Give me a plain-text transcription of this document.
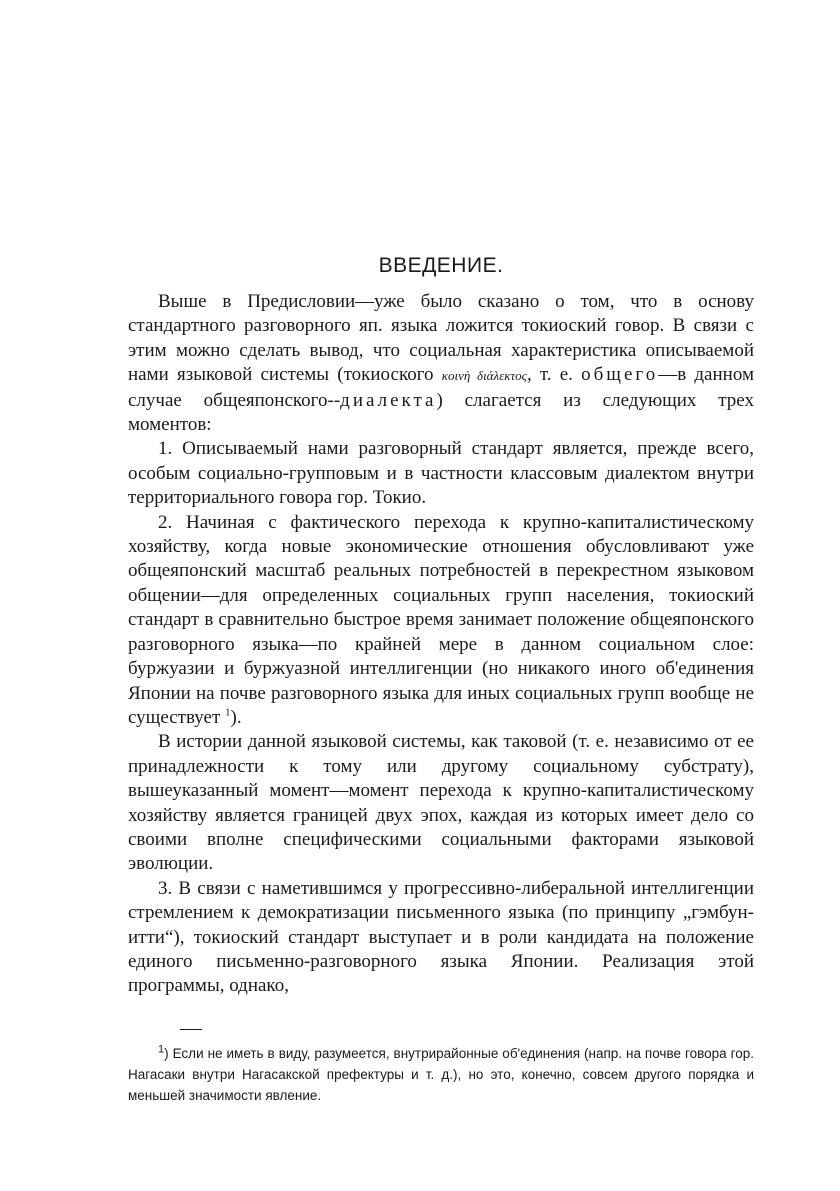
ВВЕДЕНИЕ.

Выше в Предисловии—уже было сказано о том, что в основу стандартного разговорного яп. языка ложится токиоский говор. В связи с этим можно сделать вывод, что социальная характеристика описываемой нами языковой системы (токиоского κοινὴ διάλεκτος, т. е. общего—в данном случае общеяпонского--диалекта) слагается из следующих трех моментов:

1. Описываемый нами разговорный стандарт является, прежде всего, особым социально-групповым и в частности классовым диалектом внутри территориального говора гор. Токио.

2. Начиная с фактического перехода к крупно-капиталистическому хозяйству, когда новые экономические отношения обусловливают уже общеяпонский масштаб реальных потребностей в перекрестном языковом общении—для определенных социальных групп населения, токиоский стандарт в сравнительно быстрое время занимает положение общеяпонского разговорного языка—по крайней мере в данном социальном слое: буржуазии и буржуазной интеллигенции (но никакого иного об'единения Японии на почве разговорного языка для иных социальных групп вообще не существует $^1$).

В истории данной языковой системы, как таковой (т. е. независимо от ее принадлежности к тому или другому социальному субстрату), вышеуказанный момент—момент перехода к крупно-капиталистическому хозяйству является границей двух эпох, каждая из которых имеет дело со своими вполне специфическими социальными факторами языковой эволюции.

3. В связи с наметившимся у прогрессивно-либеральной интеллигенции стремлением к демократизации письменного языка (по принципу „гэмбун-итти“), токиоский стандарт выступает и в роли кандидата на положение единого письменно-разговорного языка Японии. Реализация этой программы, однако,

$^1$) Если не иметь в виду, разумеется, внутрирайонные об'единения (напр. на почве говора гор. Нагасаки внутри Нагасакской префектуры и т. д.), но это, конечно, совсем другого порядка и меньшей значимости явление.
